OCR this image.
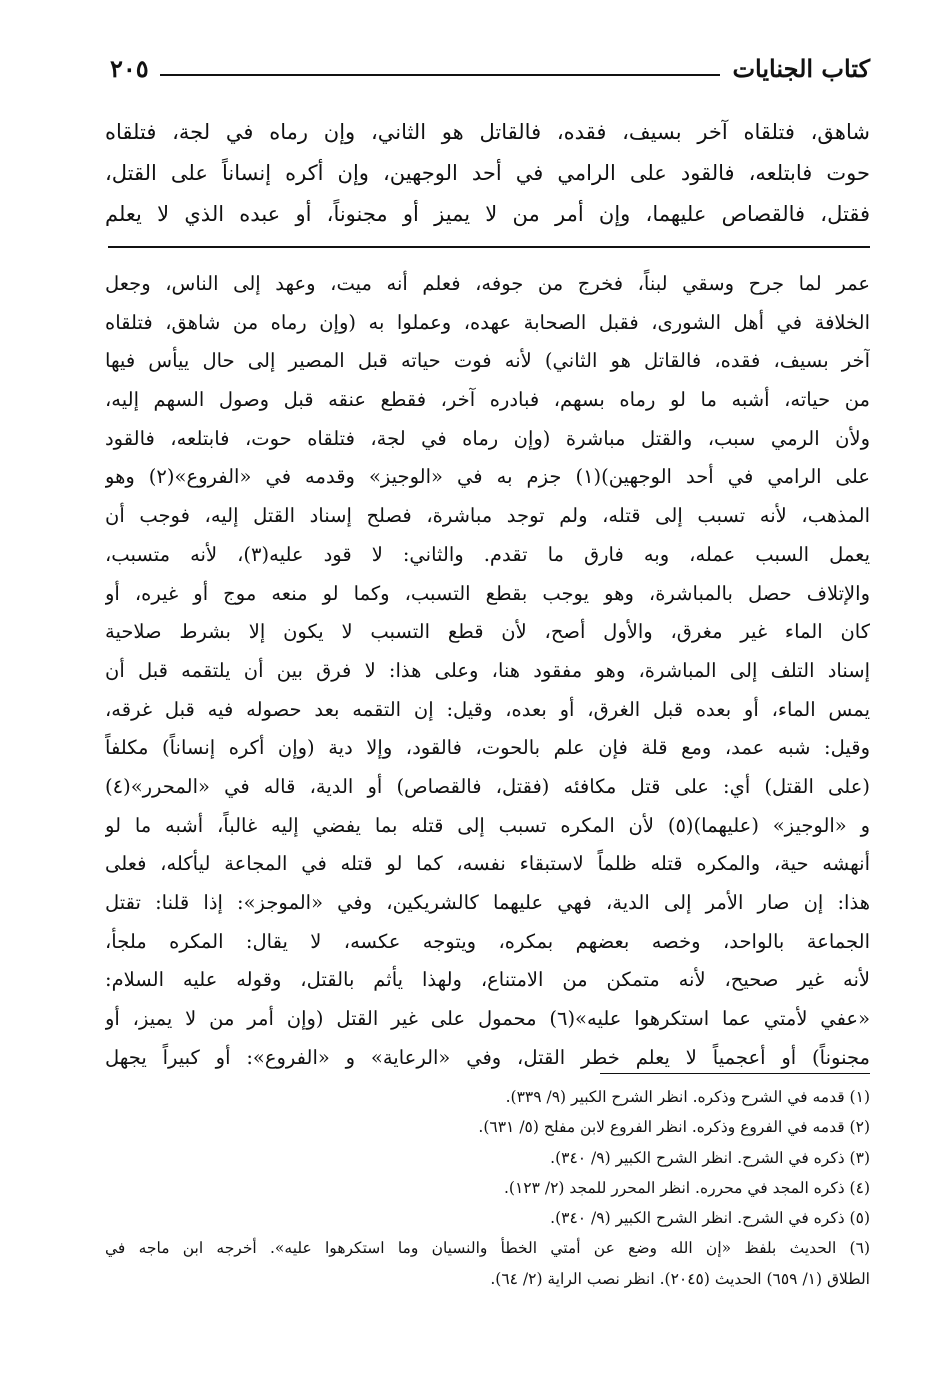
كتاب الجنايات
٢٠٥
شاهق، فتلقاه آخر بسيف، فقده، فالقاتل هو الثاني، وإن رماه في لجة، فتلقاه
حوت فابتلعه، فالقود على الرامي في أحد الوجهين، وإن أكره إنساناً على القتل،
فقتل، فالقصاص عليهما، وإن أمر من لا يميز أو مجنوناً، أو عبده الذي لا يعلم
عمر لما جرح وسقي لبناً، فخرج من جوفه، فعلم أنه ميت، وعهد إلى الناس، وجعل
الخلافة في أهل الشورى، فقبل الصحابة عهده، وعملوا به (وإن رماه من شاهق، فتلقاه
آخر بسيف، فقده، فالقاتل هو الثاني) لأنه فوت حياته قبل المصير إلى حال ييأس فيها
من حياته، أشبه ما لو رماه بسهم، فبادره آخر، فقطع عنقه قبل وصول السهم إليه،
ولأن الرمي سبب، والقتل مباشرة (وإن رماه في لجة، فتلقاه حوت، فابتلعه، فالقود
على الرامي في أحد الوجهين)(١) جزم به في «الوجيز» وقدمه في «الفروع»(٢) وهو
المذهب، لأنه تسبب إلى قتله، ولم توجد مباشرة، فصلح إسناد القتل إليه، فوجب أن
يعمل السبب عمله، وبه فارق ما تقدم. والثاني: لا قود عليه(٣)، لأنه متسبب،
والإتلاف حصل بالمباشرة، وهو يوجب بقطع التسبب، وكما لو منعه موج أو غيره، أو
كان الماء غير مغرق، والأول أصح، لأن قطع التسبب لا يكون إلا بشرط صلاحية
إسناد التلف إلى المباشرة، وهو مفقود هنا، وعلى هذا: لا فرق بين أن يلتقمه قبل أن
يمس الماء، أو بعده قبل الغرق، أو بعده، وقيل: إن التقمه بعد حصوله فيه قبل غرقه،
وقيل: شبه عمد، ومع قلة فإن علم بالحوت، فالقود، وإلا دية (وإن أكره إنساناً) مكلفاً
(على القتل) أي: على قتل مكافئه (فقتل، فالقصاص) أو الدية، قاله في «المحرر»(٤)
و «الوجيز» (عليهما)(٥) لأن المكره تسبب إلى قتله بما يفضي إليه غالباً، أشبه ما لو
أنهشه حية، والمكره قتله ظلماً لاستبقاء نفسه، كما لو قتله في المجاعة ليأكله، فعلى
هذا: إن صار الأمر إلى الدية، فهي عليهما كالشريكين، وفي «الموجز»: إذا قلنا: تقتل
الجماعة بالواحد، وخصه بعضهم بمكره، ويتوجه عكسه، لا يقال: المكره ملجأ،
لأنه غير صحيح، لأنه متمكن من الامتناع، ولهذا يأثم بالقتل، وقوله عليه السلام:
«عفي لأمتي عما استكرهوا عليه»(٦) محمول على غير القتل (وإن أمر من لا يميز، أو
مجنوناً) أو أعجمياً لا يعلم خطر القتل، وفي «الرعاية» و «الفروع»: أو كبيراً يجهل
(١) قدمه في الشرح وذكره. انظر الشرح الكبير (٩/ ٣٣٩).
(٢) قدمه في الفروع وذكره. انظر الفروع لابن مفلح (٥/ ٦٣١).
(٣) ذكره في الشرح. انظر الشرح الكبير (٩/ ٣٤٠).
(٤) ذكره المجد في محرره. انظر المحرر للمجد (٢/ ١٢٣).
(٥) ذكره في الشرح. انظر الشرح الكبير (٩/ ٣٤٠).
(٦) الحديث بلفظ «إن الله وضع عن أمتي الخطأ والنسيان وما استكرهوا عليه». أخرجه ابن ماجه في
الطلاق (١/ ٦٥٩) الحديث (٢٠٤٥). انظر نصب الراية (٢/ ٦٤).
